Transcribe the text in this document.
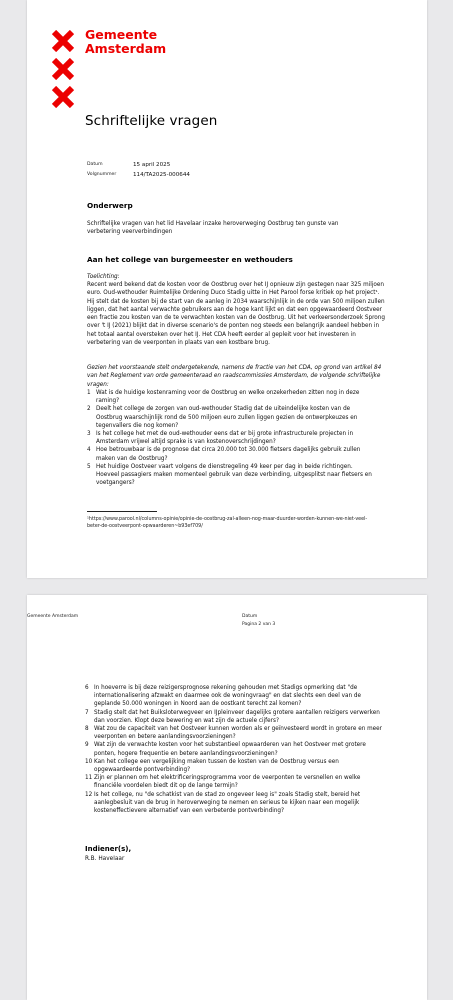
Gemeente
Amsterdam
Schriftelijke vragen
Datum	15 april 2025
Volgnummer	114/TA2025-000644
Onderwerp
Schriftelijke vragen van het lid Havelaar inzake heroverweging Oostbrug ten gunste van verbetering veerverbindingen
Aan het college van burgemeester en wethouders
Toelichting:
Recent werd bekend dat de kosten voor de Oostbrug over het IJ opnieuw zijn gestegen naar 325 miljoen euro. Oud-wethouder Ruimtelijke Ordening Duco Stadig uitte in Het Parool forse kritiek op het project¹. Hij stelt dat de kosten bij de start van de aanleg in 2034 waarschijnlijk in de orde van 500 miljoen zullen liggen, dat het aantal verwachte gebruikers aan de hoge kant lijkt en dat een opgewaardeerd Oostveer een fractie zou kosten van de te verwachten kosten van de Oostbrug. Uit het verkeersonderzoek Sprong over 't IJ (2021) blijkt dat in diverse scenario's de ponten nog steeds een belangrijk aandeel hebben in het totaal aantal oversteken over het IJ. Het CDA heeft eerder al gepleit voor het investeren in verbetering van de veerponten in plaats van een kostbare brug.
Gezien het voorstaande stelt ondergetekende, namens de fractie van het CDA, op grond van artikel 84 van het Reglement van orde gemeenteraad en raadscommissies Amsterdam, de volgende schriftelijke vragen:
1 Wat is de huidige kostenraming voor de Oostbrug en welke onzekerheden zitten nog in deze raming?
2 Deelt het college de zorgen van oud-wethouder Stadig dat de uiteindelijke kosten van de Oostbrug waarschijnlijk rond de 500 miljoen euro zullen liggen gezien de ontwerpkeuzes en tegenvallers die nog komen?
3 Is het college het met de oud-wethouder eens dat er bij grote infrastructurele projecten in Amsterdam vrijwel altijd sprake is van kostenoverschrijdingen?
4 Hoe betrouwbaar is de prognose dat circa 20.000 tot 30.000 fietsers dagelijks gebruik zullen maken van de Oostbrug?
5 Het huidige Oostveer vaart volgens de dienstregeling 49 keer per dag in beide richtingen. Hoeveel passagiers maken momenteel gebruik van deze verbinding, uitgesplitst naar fietsers en voetgangers?
¹https://www.parool.nl/columns-opinie/opinie-de-oostbrug-zal-alleen-nog-maar-duurder-worden-kunnen-we-niet-veel-beter-de-oostveerpont-opwaarderen~b93ef709/
Gemeente Amsterdam	Datum
Pagina 2 van 3
6 In hoeverre is bij deze reizigersprognose rekening gehouden met Stadigs opmerking dat "de internationalisering afzwakt en daarmee ook de woningvraag" en dat slechts een deel van de geplande 50.000 woningen in Noord aan de oostkant terecht zal komen?
7 Stadig stelt dat het Buiksloterwegveer en IJpleinveer dagelijks grotere aantallen reizigers verwerken dan voorzien. Klopt deze bewering en wat zijn de actuele cijfers?
8 Wat zou de capaciteit van het Oostveer kunnen worden als er geïnvesteerd wordt in grotere en meer veerponten en betere aanlandingsvoorzieningen?
9 Wat zijn de verwachte kosten voor het substantieel opwaarderen van het Oostveer met grotere ponten, hogere frequentie en betere aanlandingsvoorzieningen?
10 Kan het college een vergelijking maken tussen de kosten van de Oostbrug versus een opgewaardeerde pontverbinding?
11 Zijn er plannen om het elektrificeringsprogramma voor de veerponten te versnellen en welke financiële voordelen biedt dit op de lange termijn?
12 Is het college, nu "de schatkist van de stad zo ongeveer leeg is" zoals Stadig stelt, bereid het aanlegbesluit van de brug in heroverweging te nemen en serieus te kijken naar een mogelijk kosteneffectievere alternatief van een verbeterde pontverbinding?
Indiener(s),
R.B. Havelaar
